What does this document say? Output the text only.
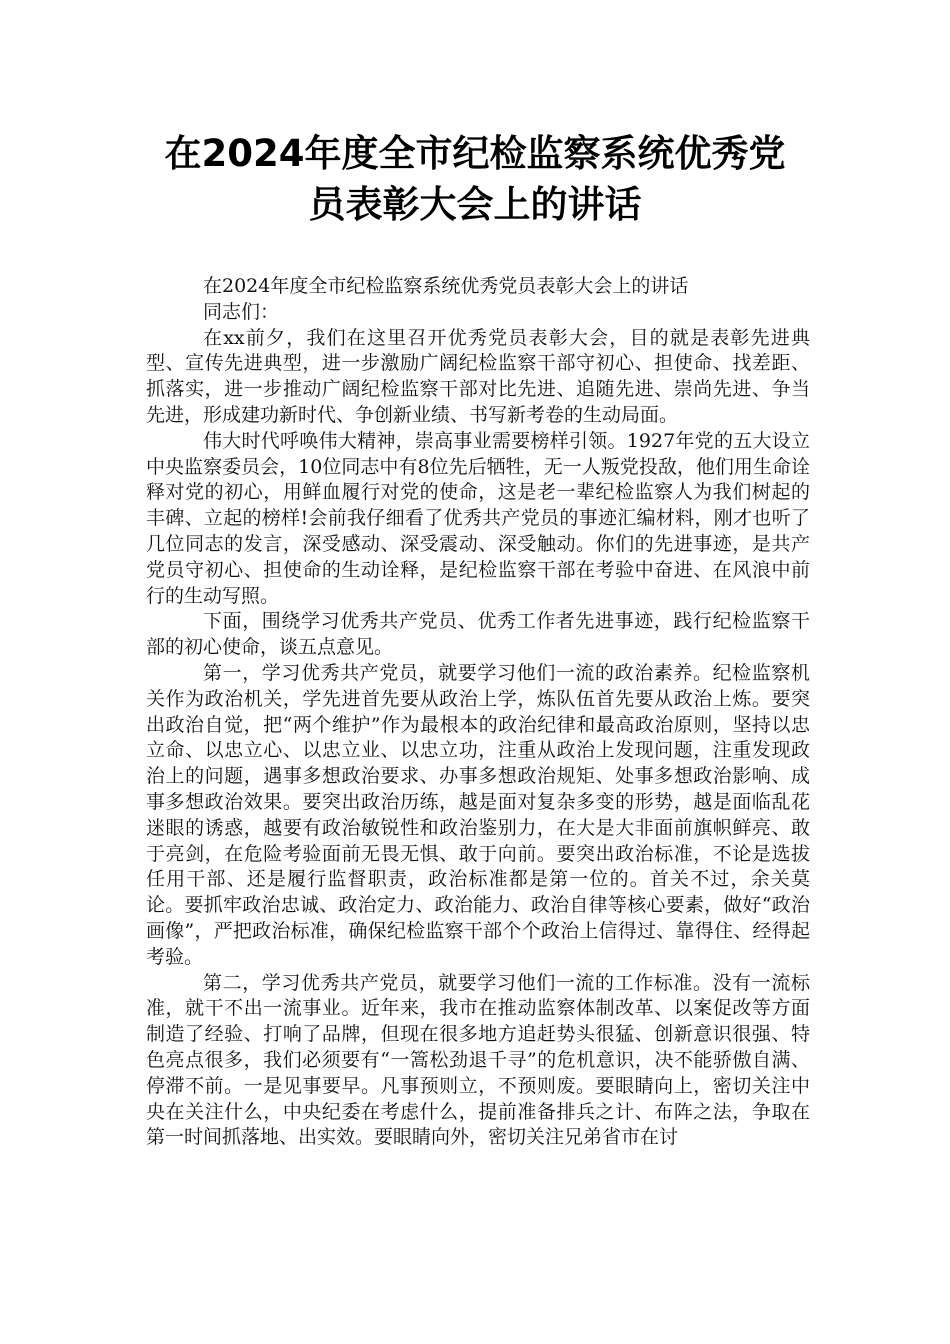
在2024年度全市纪检监察系统优秀党
员表彰大会上的讲话

在2024年度全市纪检监察系统优秀党员表彰大会上的讲话

同志们：

在xx前夕，我们在这里召开优秀党员表彰大会，目的就是表彰先进典型、宣传先进典型，进一步激励广阔纪检监察干部守初心、担使命、找差距、抓落实，进一步推动广阔纪检监察干部对比先进、追随先进、崇尚先进、争当先进，形成建功新时代、争创新业绩、书写新考卷的生动局面。

伟大时代呼唤伟大精神，崇高事业需要榜样引领。1927年党的五大设立中央监察委员会，10位同志中有8位先后牺牲，无一人叛党投敌，他们用生命诠释对党的初心，用鲜血履行对党的使命，这是老一辈纪检监察人为我们树起的丰碑、立起的榜样!会前我仔细看了优秀共产党员的事迹汇编材料，刚才也听了几位同志的发言，深受感动、深受震动、深受触动。你们的先进事迹，是共产党员守初心、担使命的生动诠释，是纪检监察干部在考验中奋进、在风浪中前行的生动写照。

下面，围绕学习优秀共产党员、优秀工作者先进事迹，践行纪检监察干部的初心使命，谈五点意见。

第一，学习优秀共产党员，就要学习他们一流的政治素养。纪检监察机关作为政治机关，学先进首先要从政治上学，炼队伍首先要从政治上炼。要突出政治自觉，把“两个维护”作为最根本的政治纪律和最高政治原则，坚持以忠立命、以忠立心、以忠立业、以忠立功，注重从政治上发现问题，注重发现政治上的问题，遇事多想政治要求、办事多想政治规矩、处事多想政治影响、成事多想政治效果。要突出政治历练，越是面对复杂多变的形势，越是面临乱花迷眼的诱惑，越要有政治敏锐性和政治鉴别力，在大是大非面前旗帜鲜亮、敢于亮剑，在危险考验面前无畏无惧、敢于向前。要突出政治标准，不论是选拔任用干部、还是履行监督职责，政治标准都是第一位的。首关不过，余关莫论。要抓牢政治忠诚、政治定力、政治能力、政治自律等核心要素，做好“政治画像”，严把政治标准，确保纪检监察干部个个政治上信得过、靠得住、经得起考验。

第二，学习优秀共产党员，就要学习他们一流的工作标准。没有一流标准，就干不出一流事业。近年来，我市在推动监察体制改革、以案促改等方面制造了经验、打响了品牌，但现在很多地方追赶势头很猛、创新意识很强、特色亮点很多，我们必须要有“一篙松劲退千寻”的危机意识，决不能骄傲自满、停滞不前。一是见事要早。凡事预则立，不预则废。要眼睛向上，密切关注中央在关注什么，中央纪委在考虑什么，提前准备排兵之计、布阵之法，争取在第一时间抓落地、出实效。要眼睛向外，密切关注兄弟省市在讨
